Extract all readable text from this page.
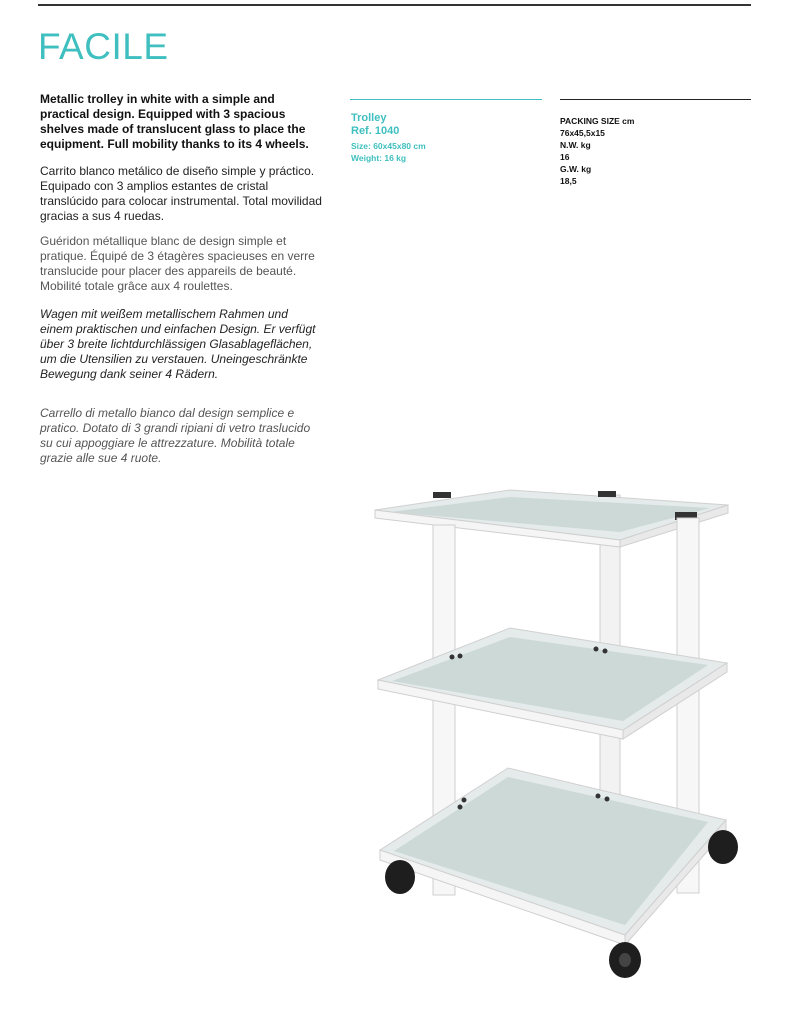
FACILE
Metallic trolley in white with a simple and practical design. Equipped with 3 spacious shelves made of translucent glass to place the equipment. Full mobility thanks to its 4 wheels.
Carrito blanco metálico de diseño simple y práctico. Equipado con 3 amplios estantes de cristal translúcido para colocar instrumental. Total movilidad gracias a sus 4 ruedas.
Guéridon métallique blanc de design simple et pratique. Équipé de 3 étagères spacieuses en verre translucide pour placer des appareils de beauté. Mobilité totale grâce aux 4 roulettes.
Wagen mit weißem metallischem Rahmen und einem praktischen und einfachen Design. Er verfügt über 3 breite lichtdurchlässigen Glasablageflächen, um die Utensilien zu verstauen. Uneingeschränkte Bewegung dank seiner 4 Rädern.
Carrello di metallo bianco dal design semplice e pratico. Dotato di 3 grandi ripiani di vetro traslucido su cui appoggiare le attrezzature. Mobilità totale grazie alle sue 4 ruote.
Trolley
Ref. 1040
Size: 60x45x80 cm
Weight: 16 kg
PACKING SIZE cm
76x45,5x15
N.W. kg
16
G.W. kg
18,5
